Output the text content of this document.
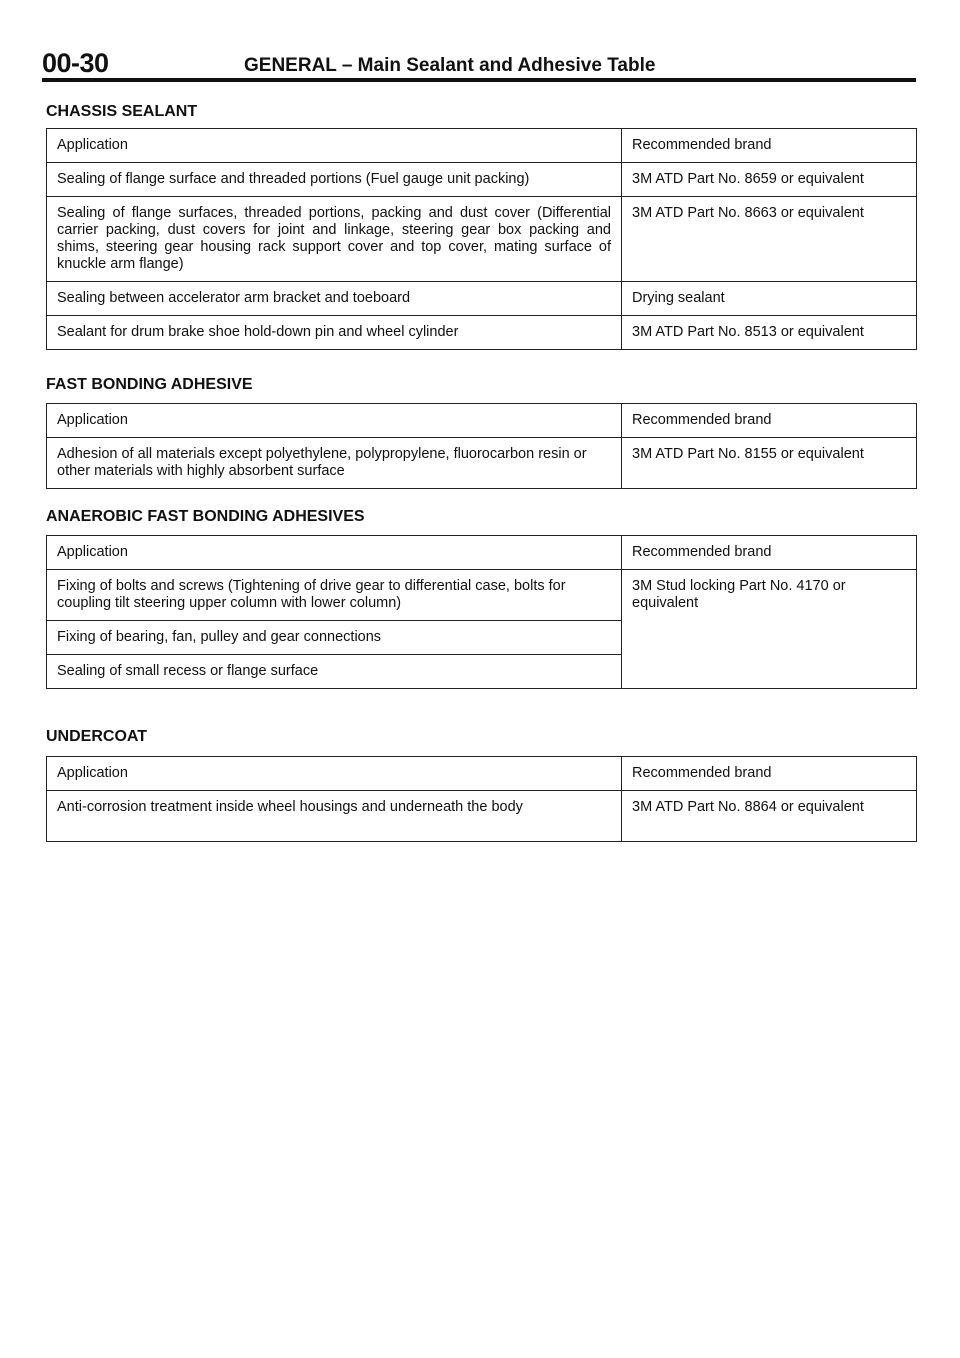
00-30	GENERAL – Main Sealant and Adhesive Table
CHASSIS SEALANT
Application	Recommended brand
Sealing of flange surface and threaded portions (Fuel gauge unit packing)	3M ATD Part No. 8659 or equivalent
Sealing of flange surfaces, threaded portions, packing and dust cover (Differential carrier packing, dust covers for joint and linkage, steering gear box packing and shims, steering gear housing rack support cover and top cover, mating surface of knuckle arm flange)	3M ATD Part No. 8663 or equivalent
Sealing between accelerator arm bracket and toeboard	Drying sealant
Sealant for drum brake shoe hold-down pin and wheel cylinder	3M ATD Part No. 8513 or equivalent
FAST BONDING ADHESIVE
Application	Recommended brand
Adhesion of all materials except polyethylene, polypropylene, fluorocarbon resin or other materials with highly absorbent surface	3M ATD Part No. 8155 or equivalent
ANAEROBIC FAST BONDING ADHESIVES
Application	Recommended brand
Fixing of bolts and screws (Tightening of drive gear to differential case, bolts for coupling tilt steering upper column with lower column)	3M Stud locking Part No. 4170 or equivalent
Fixing of bearing, fan, pulley and gear connections	
Sealing of small recess or flange surface	
UNDERCOAT
Application	Recommended brand
Anti-corrosion treatment inside wheel housings and underneath the body	3M ATD Part No. 8864 or equivalent
